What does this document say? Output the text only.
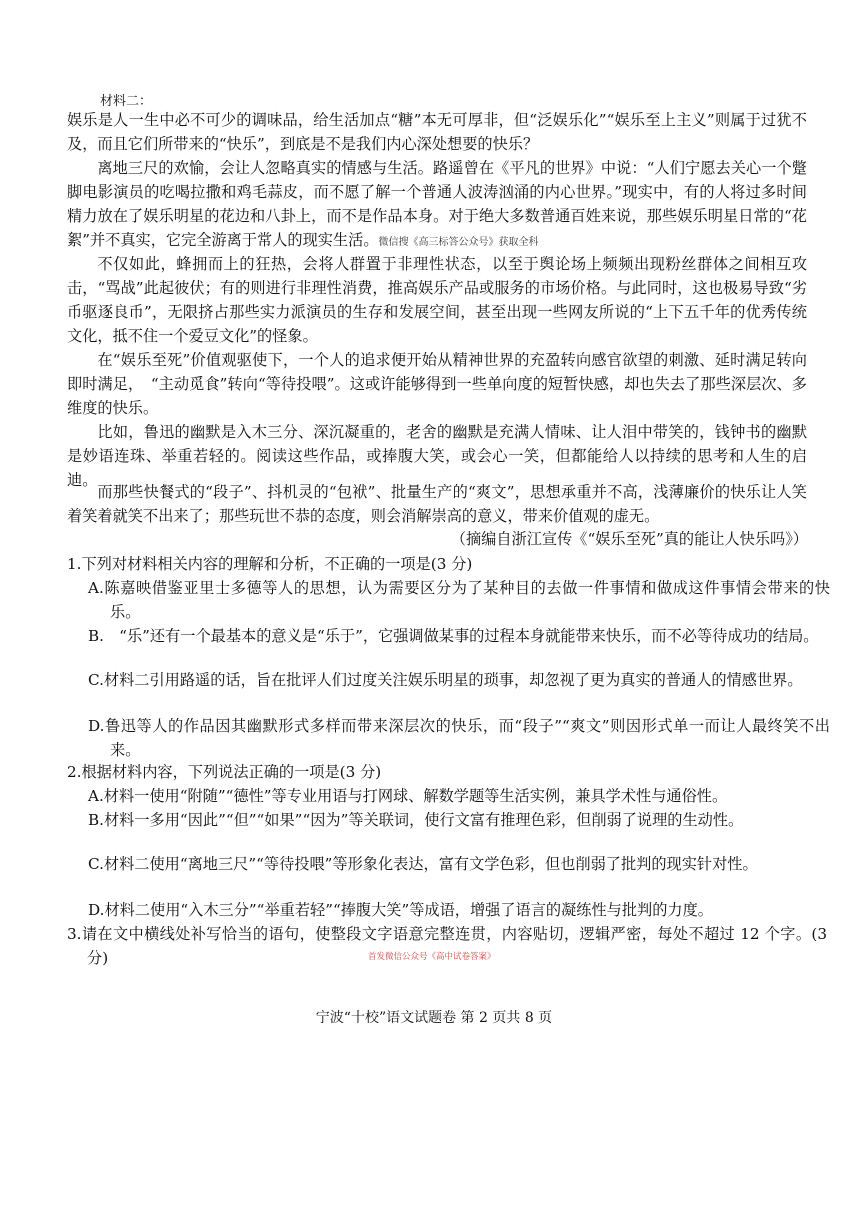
材料二：
娱乐是人一生中必不可少的调味品，给生活加点“糖”本无可厚非，但“泛娱乐化”“娱乐至上主义”则属于过犹不及，而且它们所带来的“快乐”，到底是不是我们内心深处想要的快乐？
离地三尺的欢愉，会让人忽略真实的情感与生活。路遥曾在《平凡的世界》中说：“人们宁愿去关心一个蹩脚电影演员的吃喝拉撒和鸡毛蒜皮，而不愿了解一个普通人波涛汹涌的内心世界。”现实中，有的人将过多时间精力放在了娱乐明星的花边和八卦上，而不是作品本身。对于绝大多数普通百姓来说，那些娱乐明星日常的“花絮”并不真实，它完全游离于常人的现实生活。微信搜《高三标答公众号》获取全科
不仅如此，蜂拥而上的狂热，会将人群置于非理性状态，以至于舆论场上频频出现粉丝群体之间相互攻击，“骂战”此起彼伏；有的则进行非理性消费，推高娱乐产品或服务的市场价格。与此同时，这也极易导致“劣币驱逐良币”，无限挤占那些实力派演员的生存和发展空间，甚至出现一些网友所说的“上下五千年的优秀传统文化，抵不住一个爱豆文化”的怪象。
在“娱乐至死”价值观驱使下，一个人的追求便开始从精神世界的充盈转向感官欲望的刺激、延时满足转向即时满足，　“主动觅食”转向“等待投喂”。这或许能够得到一些单向度的短暂快感，却也失去了那些深层次、多维度的快乐。
比如，鲁迅的幽默是入木三分、深沉凝重的，老舍的幽默是充满人情味、让人泪中带笑的，钱钟书的幽默是妙语连珠、举重若轻的。阅读这些作品，或捧腹大笑，或会心一笑，但都能给人以持续的思考和人生的启迪。
而那些快餐式的“段子”、抖机灵的“包袱”、批量生产的“爽文”，思想承重并不高，浅薄廉价的快乐让人笑着笑着就笑不出来了；那些玩世不恭的态度，则会消解崇高的意义，带来价值观的虚无。
（摘编自浙江宣传《“娱乐至死”真的能让人快乐吗》）
1.下列对材料相关内容的理解和分析，不正确的一项是(3 分)
A.陈嘉映借鉴亚里士多德等人的思想，认为需要区分为了某种目的去做一件事情和做成这件事情会带来的快乐。
B.　“乐”还有一个最基本的意义是“乐于”，它强调做某事的过程本身就能带来快乐，而不必等待成功的结局。
C.材料二引用路遥的话，旨在批评人们过度关注娱乐明星的琐事，却忽视了更为真实的普通人的情感世界。
D.鲁迅等人的作品因其幽默形式多样而带来深层次的快乐，而“段子”“爽文”则因形式单一而让人最终笑不出来。
2.根据材料内容，下列说法正确的一项是(3 分)
A.材料一使用“附随”“德性”等专业用语与打网球、解数学题等生活实例，兼具学术性与通俗性。
B.材料一多用“因此”“但”“如果”“因为”等关联词，使行文富有推理色彩，但削弱了说理的生动性。
C.材料二使用“离地三尺”“等待投喂”等形象化表达，富有文学色彩，但也削弱了批判的现实针对性。
D.材料二使用“入木三分”“举重若轻”“捧腹大笑”等成语，增强了语言的凝练性与批判的力度。
3.请在文中横线处补写恰当的语句，使整段文字语意完整连贯，内容贴切，逻辑严密，每处不超过 12 个字。(3 分)	首发微信公众号《高中试卷答案》
宁波“十校”语文试题卷 第 2 页共 8 页
